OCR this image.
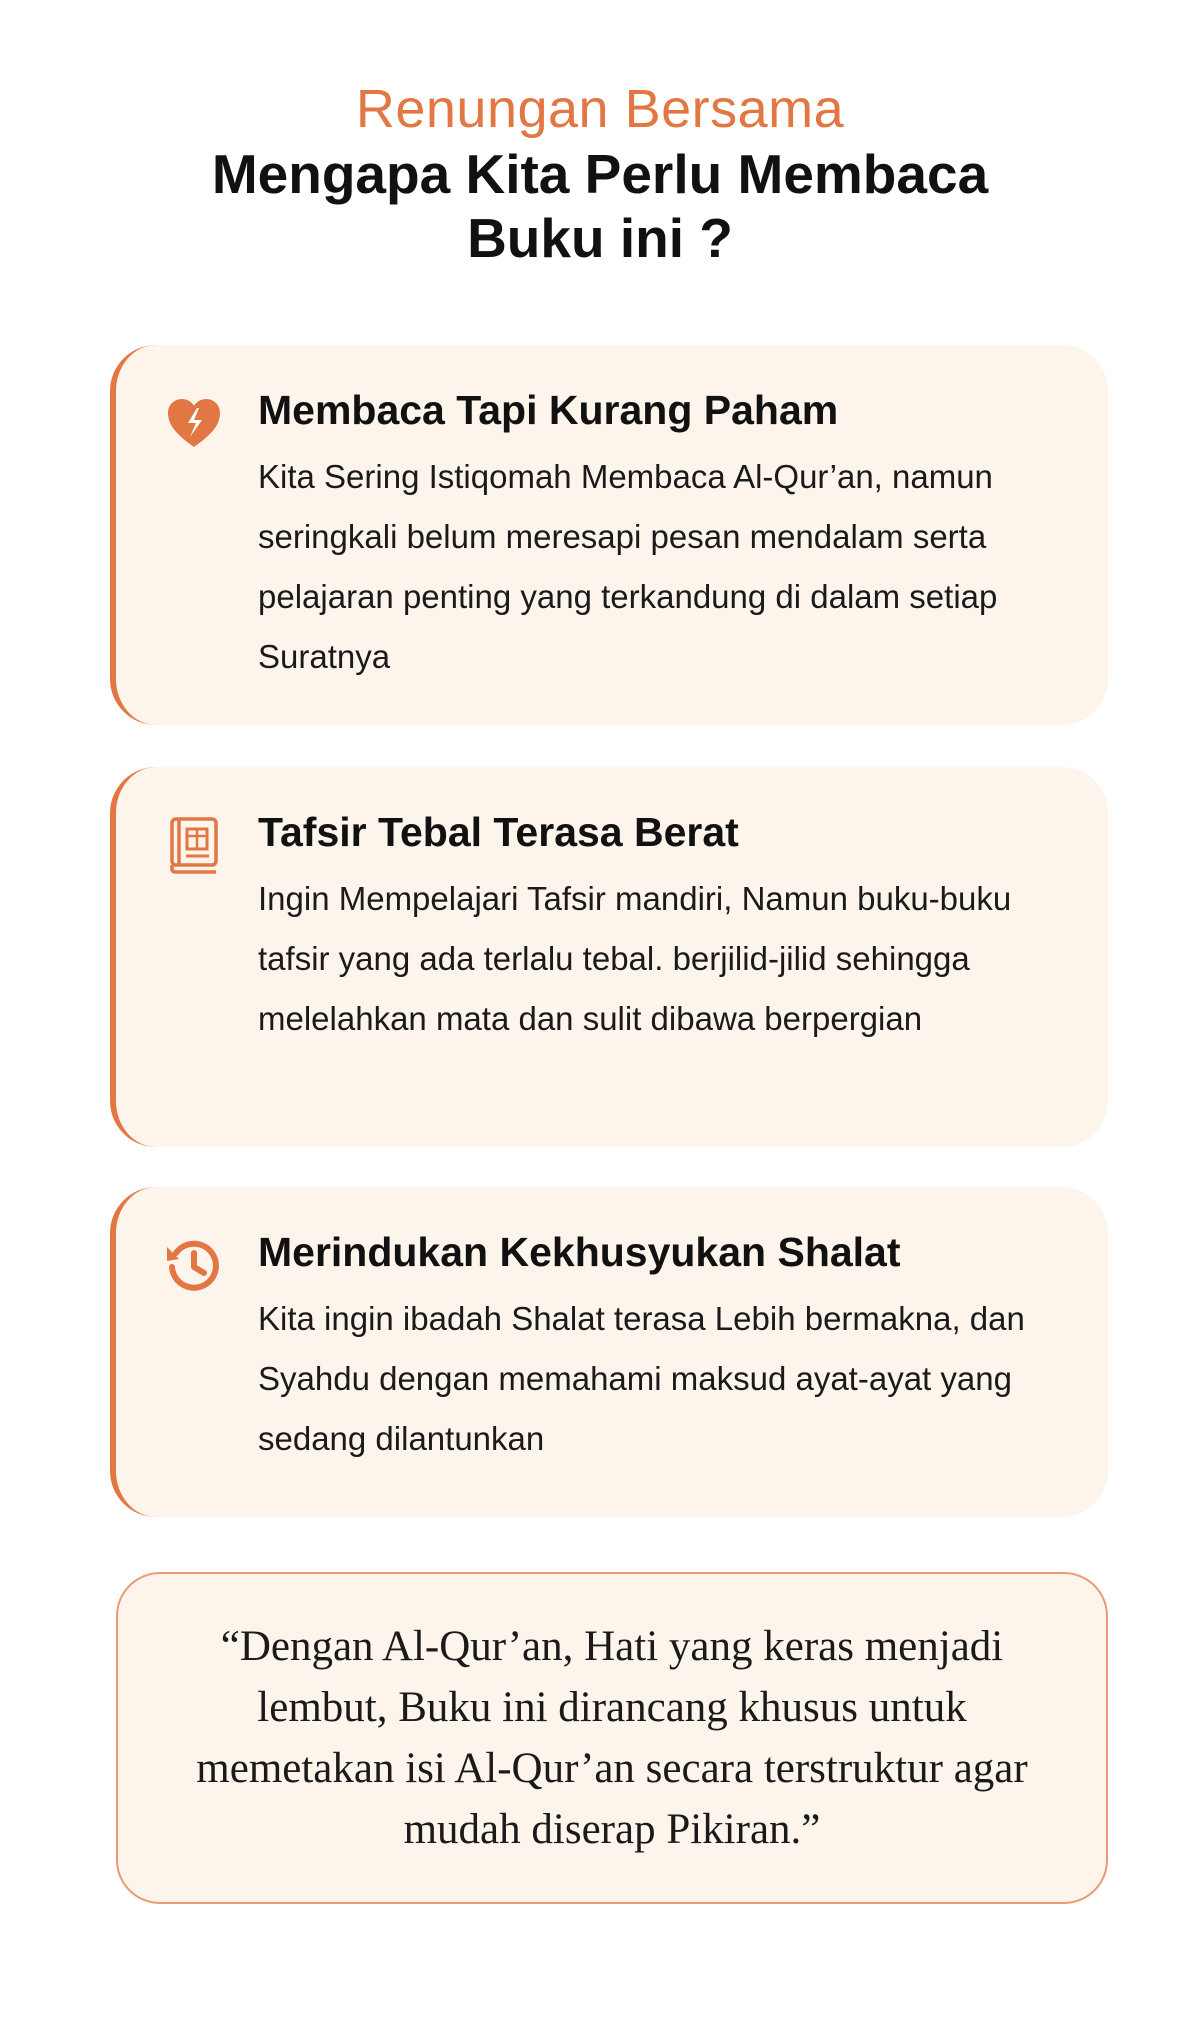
Renungan Bersama
Mengapa Kita Perlu Membaca Buku ini ?
Membaca Tapi Kurang Paham
Kita Sering Istiqomah Membaca Al-Qur’an, namun seringkali belum meresapi pesan mendalam serta pelajaran penting yang terkandung di dalam setiap Suratnya
Tafsir Tebal Terasa Berat
Ingin Mempelajari Tafsir mandiri, Namun buku-buku tafsir yang ada terlalu tebal. berjilid-jilid sehingga melelahkan mata dan sulit dibawa berpergian
Merindukan Kekhusyukan Shalat
Kita ingin ibadah Shalat terasa Lebih bermakna, dan Syahdu dengan memahami maksud ayat-ayat yang sedang dilantunkan
“Dengan Al-Qur’an, Hati yang keras menjadi lembut, Buku ini dirancang khusus untuk memetakan isi Al-Qur’an secara terstruktur agar mudah diserap Pikiran.”
